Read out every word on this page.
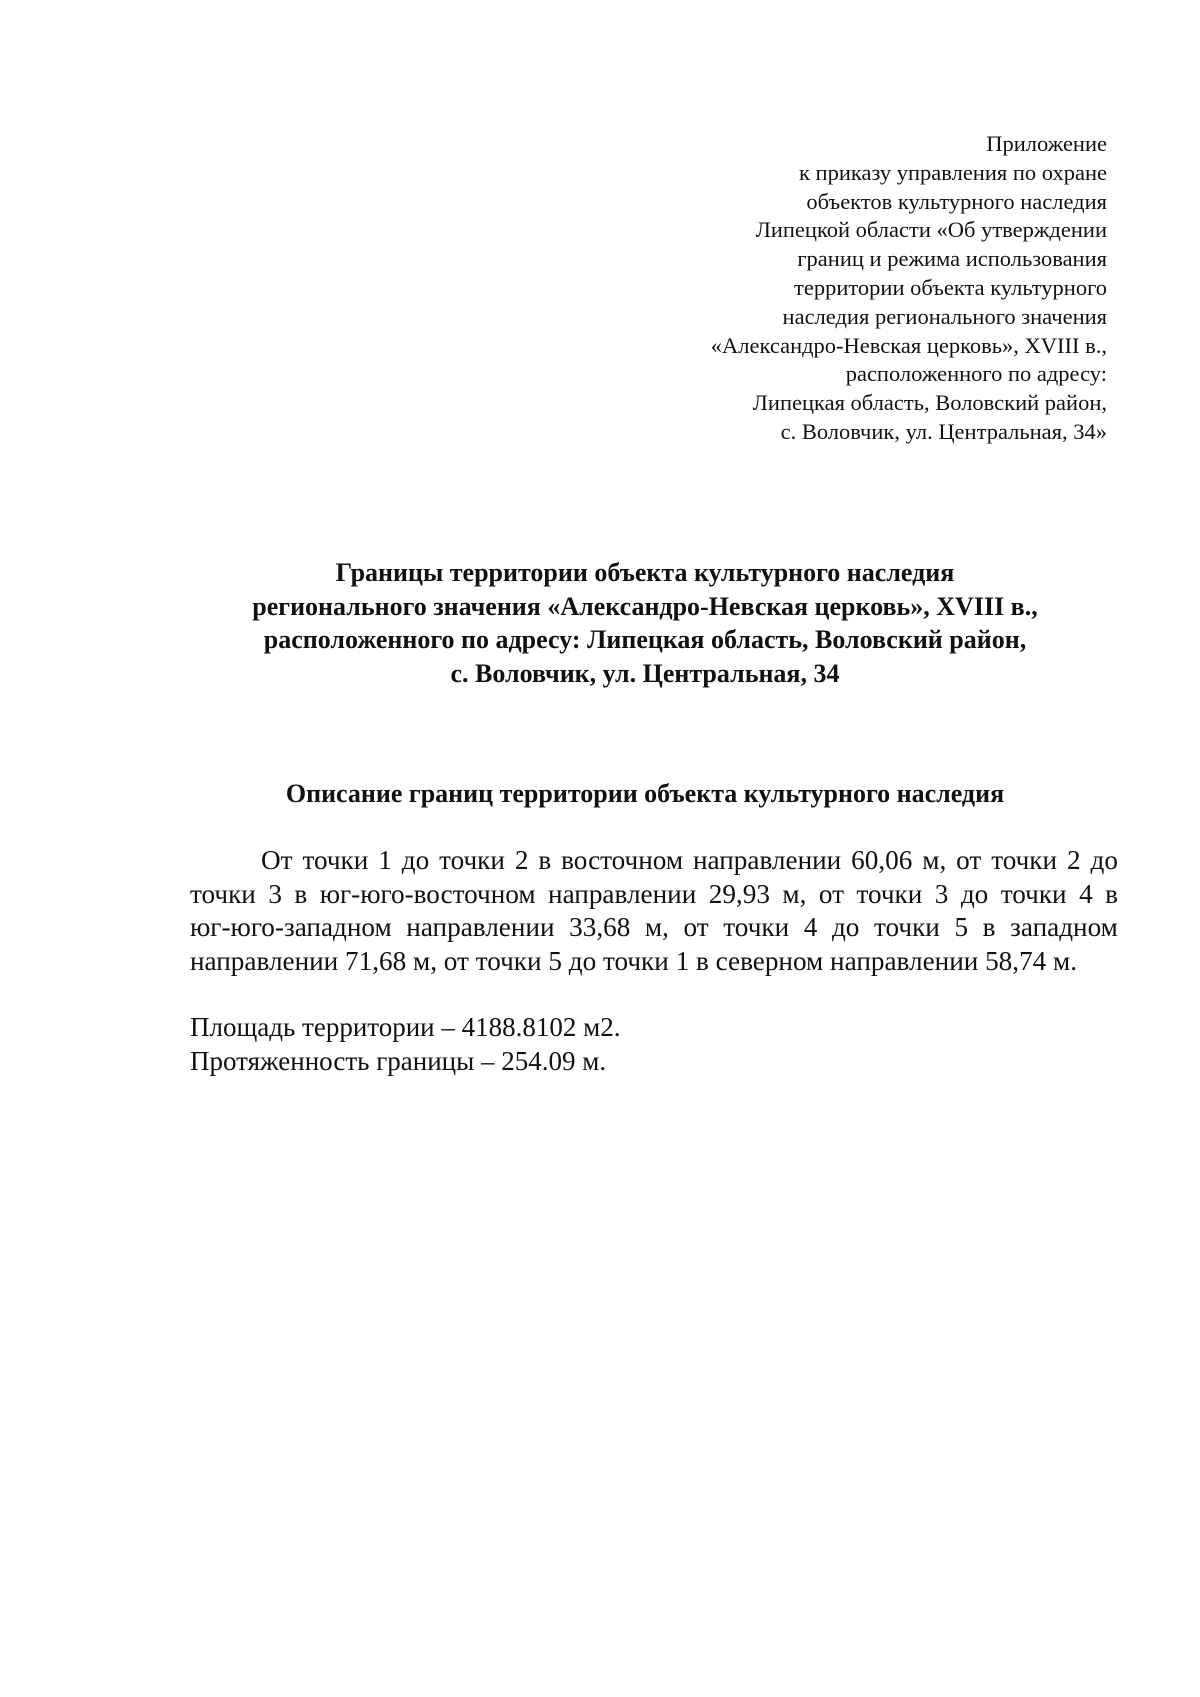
Приложение
к приказу управления по охране
объектов культурного наследия
Липецкой области «Об утверждении
границ и режима использования
территории объекта культурного
наследия регионального значения
«Александро-Невская церковь», XVIII в.,
расположенного по адресу:
Липецкая область, Воловский район,
с. Воловчик, ул. Центральная, 34»
Границы территории объекта культурного наследия
регионального значения «Александро-Невская церковь», XVIII в.,
расположенного по адресу: Липецкая область, Воловский район,
с. Воловчик, ул. Центральная, 34
Описание границ территории объекта культурного наследия
От точки 1 до точки 2 в восточном направлении 60,06 м, от точки 2 до
точки 3 в юг-юго-восточном направлении 29,93 м, от точки 3 до точки 4 в
юг-юго-западном направлении 33,68 м, от точки 4 до точки 5 в западном
направлении 71,68 м, от точки 5 до точки 1 в северном направлении 58,74 м.
Площадь территории – 4188.8102 м2.
Протяженность границы – 254.09 м.
